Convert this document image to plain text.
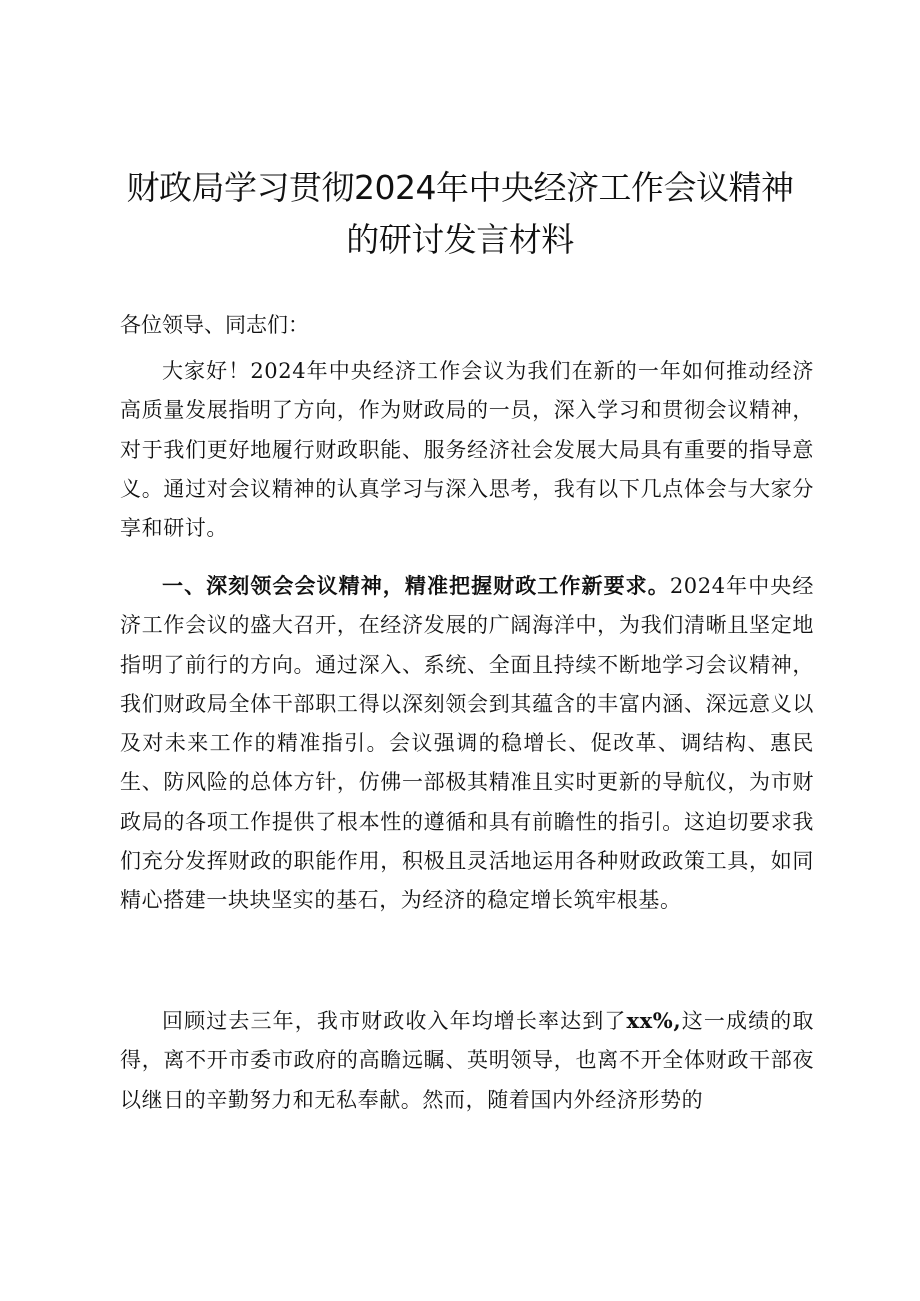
财政局学习贯彻2024年中央经济工作会议精神的研讨发言材料

各位领导、同志们：

大家好！2024年中央经济工作会议为我们在新的一年如何推动经济高质量发展指明了方向，作为财政局的一员，深入学习和贯彻会议精神，对于我们更好地履行财政职能、服务经济社会发展大局具有重要的指导意义。通过对会议精神的认真学习与深入思考，我有以下几点体会与大家分享和研讨。

一、深刻领会会议精神，精准把握财政工作新要求。2024年中央经济工作会议的盛大召开，在经济发展的广阔海洋中，为我们清晰且坚定地指明了前行的方向。通过深入、系统、全面且持续不断地学习会议精神，我们财政局全体干部职工得以深刻领会到其蕴含的丰富内涵、深远意义以及对未来工作的精准指引。会议强调的稳增长、促改革、调结构、惠民生、防风险的总体方针，仿佛一部极其精准且实时更新的导航仪，为市财政局的各项工作提供了根本性的遵循和具有前瞻性的指引。这迫切要求我们充分发挥财政的职能作用，积极且灵活地运用各种财政政策工具，如同精心搭建一块块坚实的基石，为经济的稳定增长筑牢根基。

回顾过去三年，我市财政收入年均增长率达到了xx%,这一成绩的取得，离不开市委市政府的高瞻远瞩、英明领导，也离不开全体财政干部夜以继日的辛勤努力和无私奉献。然而，随着国内外经济形势的
